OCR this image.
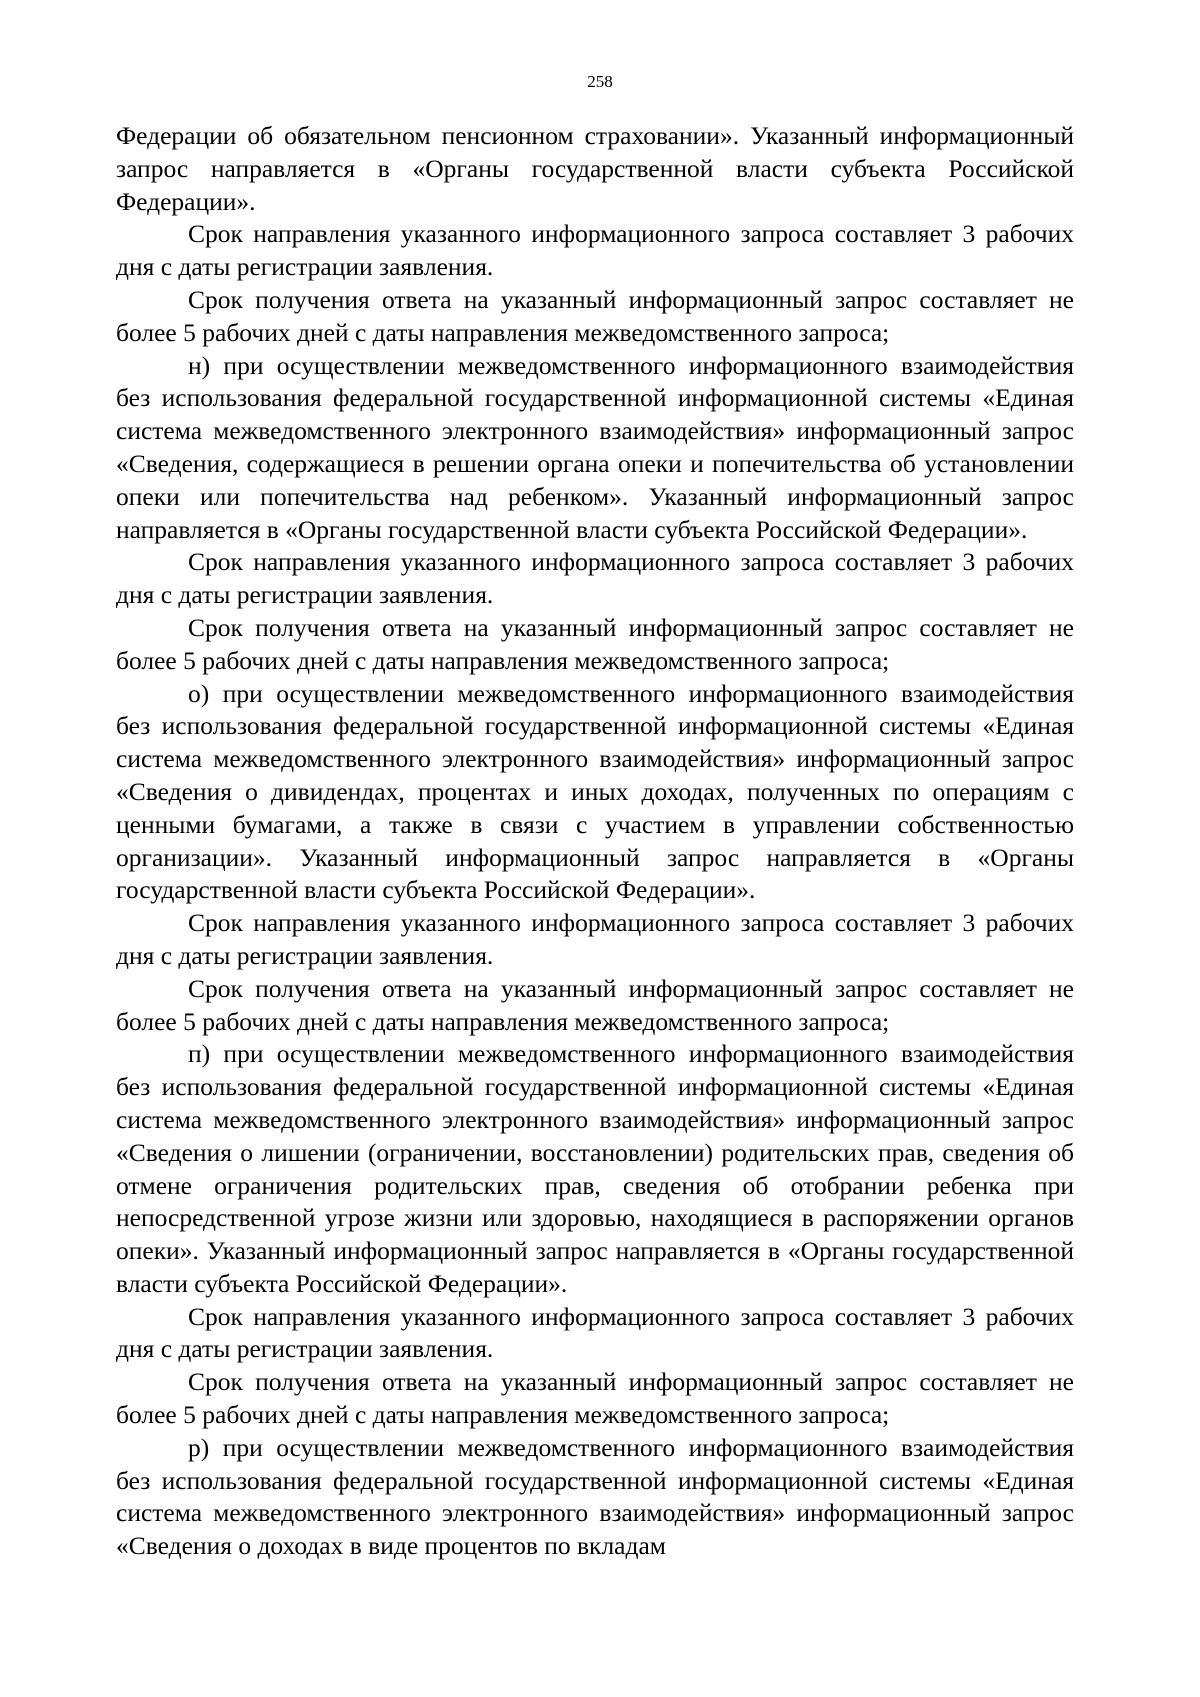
258

Федерации об обязательном пенсионном страховании». Указанный информационный запрос направляется в «Органы государственной власти субъекта Российской Федерации».

Срок направления указанного информационного запроса составляет 3 рабочих дня с даты регистрации заявления.

Срок получения ответа на указанный информационный запрос составляет не более 5 рабочих дней с даты направления межведомственного запроса;

н) при осуществлении межведомственного информационного взаимодействия без использования федеральной государственной информационной системы «Единая система межведомственного электронного взаимодействия» информационный запрос «Сведения, содержащиеся в решении органа опеки и попечительства об установлении опеки или попечительства над ребенком». Указанный информационный запрос направляется в «Органы государственной власти субъекта Российской Федерации».

Срок направления указанного информационного запроса составляет 3 рабочих дня с даты регистрации заявления.

Срок получения ответа на указанный информационный запрос составляет не более 5 рабочих дней с даты направления межведомственного запроса;

о) при осуществлении межведомственного информационного взаимодействия без использования федеральной государственной информационной системы «Единая система межведомственного электронного взаимодействия» информационный запрос «Сведения о дивидендах, процентах и иных доходах, полученных по операциям с ценными бумагами, а также в связи с участием в управлении собственностью организации». Указанный информационный запрос направляется в «Органы государственной власти субъекта Российской Федерации».

Срок направления указанного информационного запроса составляет 3 рабочих дня с даты регистрации заявления.

Срок получения ответа на указанный информационный запрос составляет не более 5 рабочих дней с даты направления межведомственного запроса;

п) при осуществлении межведомственного информационного взаимодействия без использования федеральной государственной информационной системы «Единая система межведомственного электронного взаимодействия» информационный запрос «Сведения о лишении (ограничении, восстановлении) родительских прав, сведения об отмене ограничения родительских прав, сведения об отобрании ребенка при непосредственной угрозе жизни или здоровью, находящиеся в распоряжении органов опеки». Указанный информационный запрос направляется в «Органы государственной власти субъекта Российской Федерации».

Срок направления указанного информационного запроса составляет 3 рабочих дня с даты регистрации заявления.

Срок получения ответа на указанный информационный запрос составляет не более 5 рабочих дней с даты направления межведомственного запроса;

р) при осуществлении межведомственного информационного взаимодействия без использования федеральной государственной информационной системы «Единая система межведомственного электронного взаимодействия» информационный запрос «Сведения о доходах в виде процентов по вкладам
